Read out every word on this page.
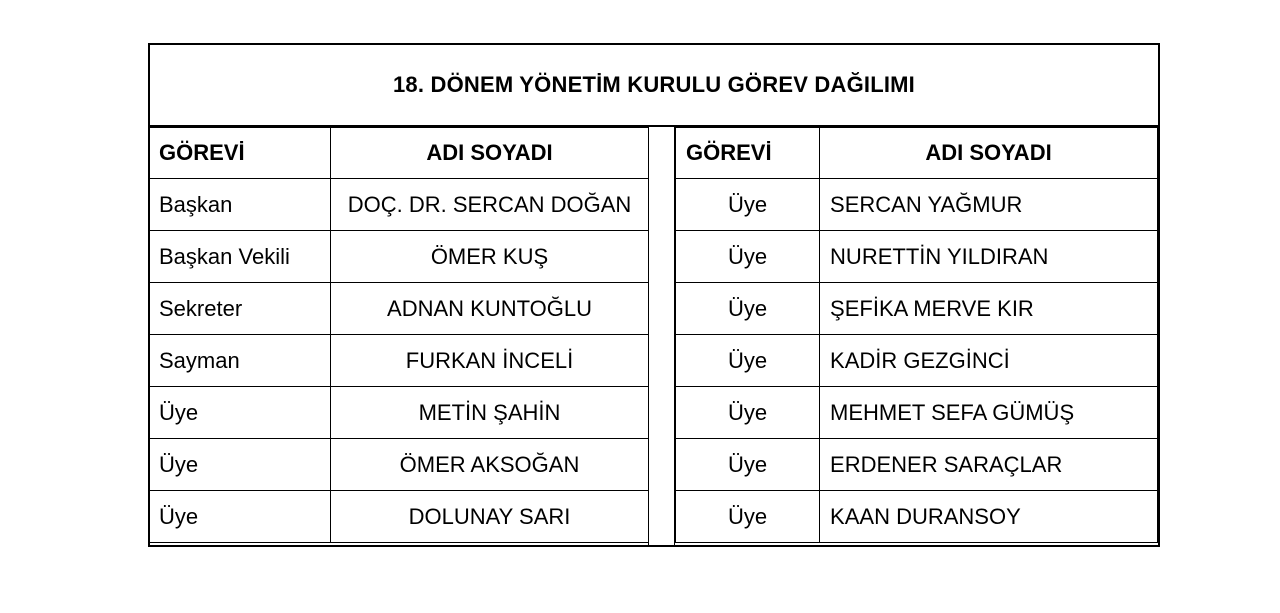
18. DÖNEM YÖNETİM KURULU GÖREV DAĞILIMI
GÖREVİ	ADI SOYADI
Başkan	DOÇ. DR. SERCAN DOĞAN
Başkan Vekili	ÖMER KUŞ
Sekreter	ADNAN KUNTOĞLU
Sayman	FURKAN İNCELİ
Üye	METİN ŞAHİN
Üye	ÖMER AKSOĞAN
Üye	DOLUNAY SARI
GÖREVİ	ADI SOYADI
Üye	SERCAN YAĞMUR
Üye	NURETTİN YILDIRAN
Üye	ŞEFİKA MERVE KIR
Üye	KADİR GEZGİNCİ
Üye	MEHMET SEFA GÜMÜŞ
Üye	ERDENER SARAÇLAR
Üye	KAAN DURANSOY
